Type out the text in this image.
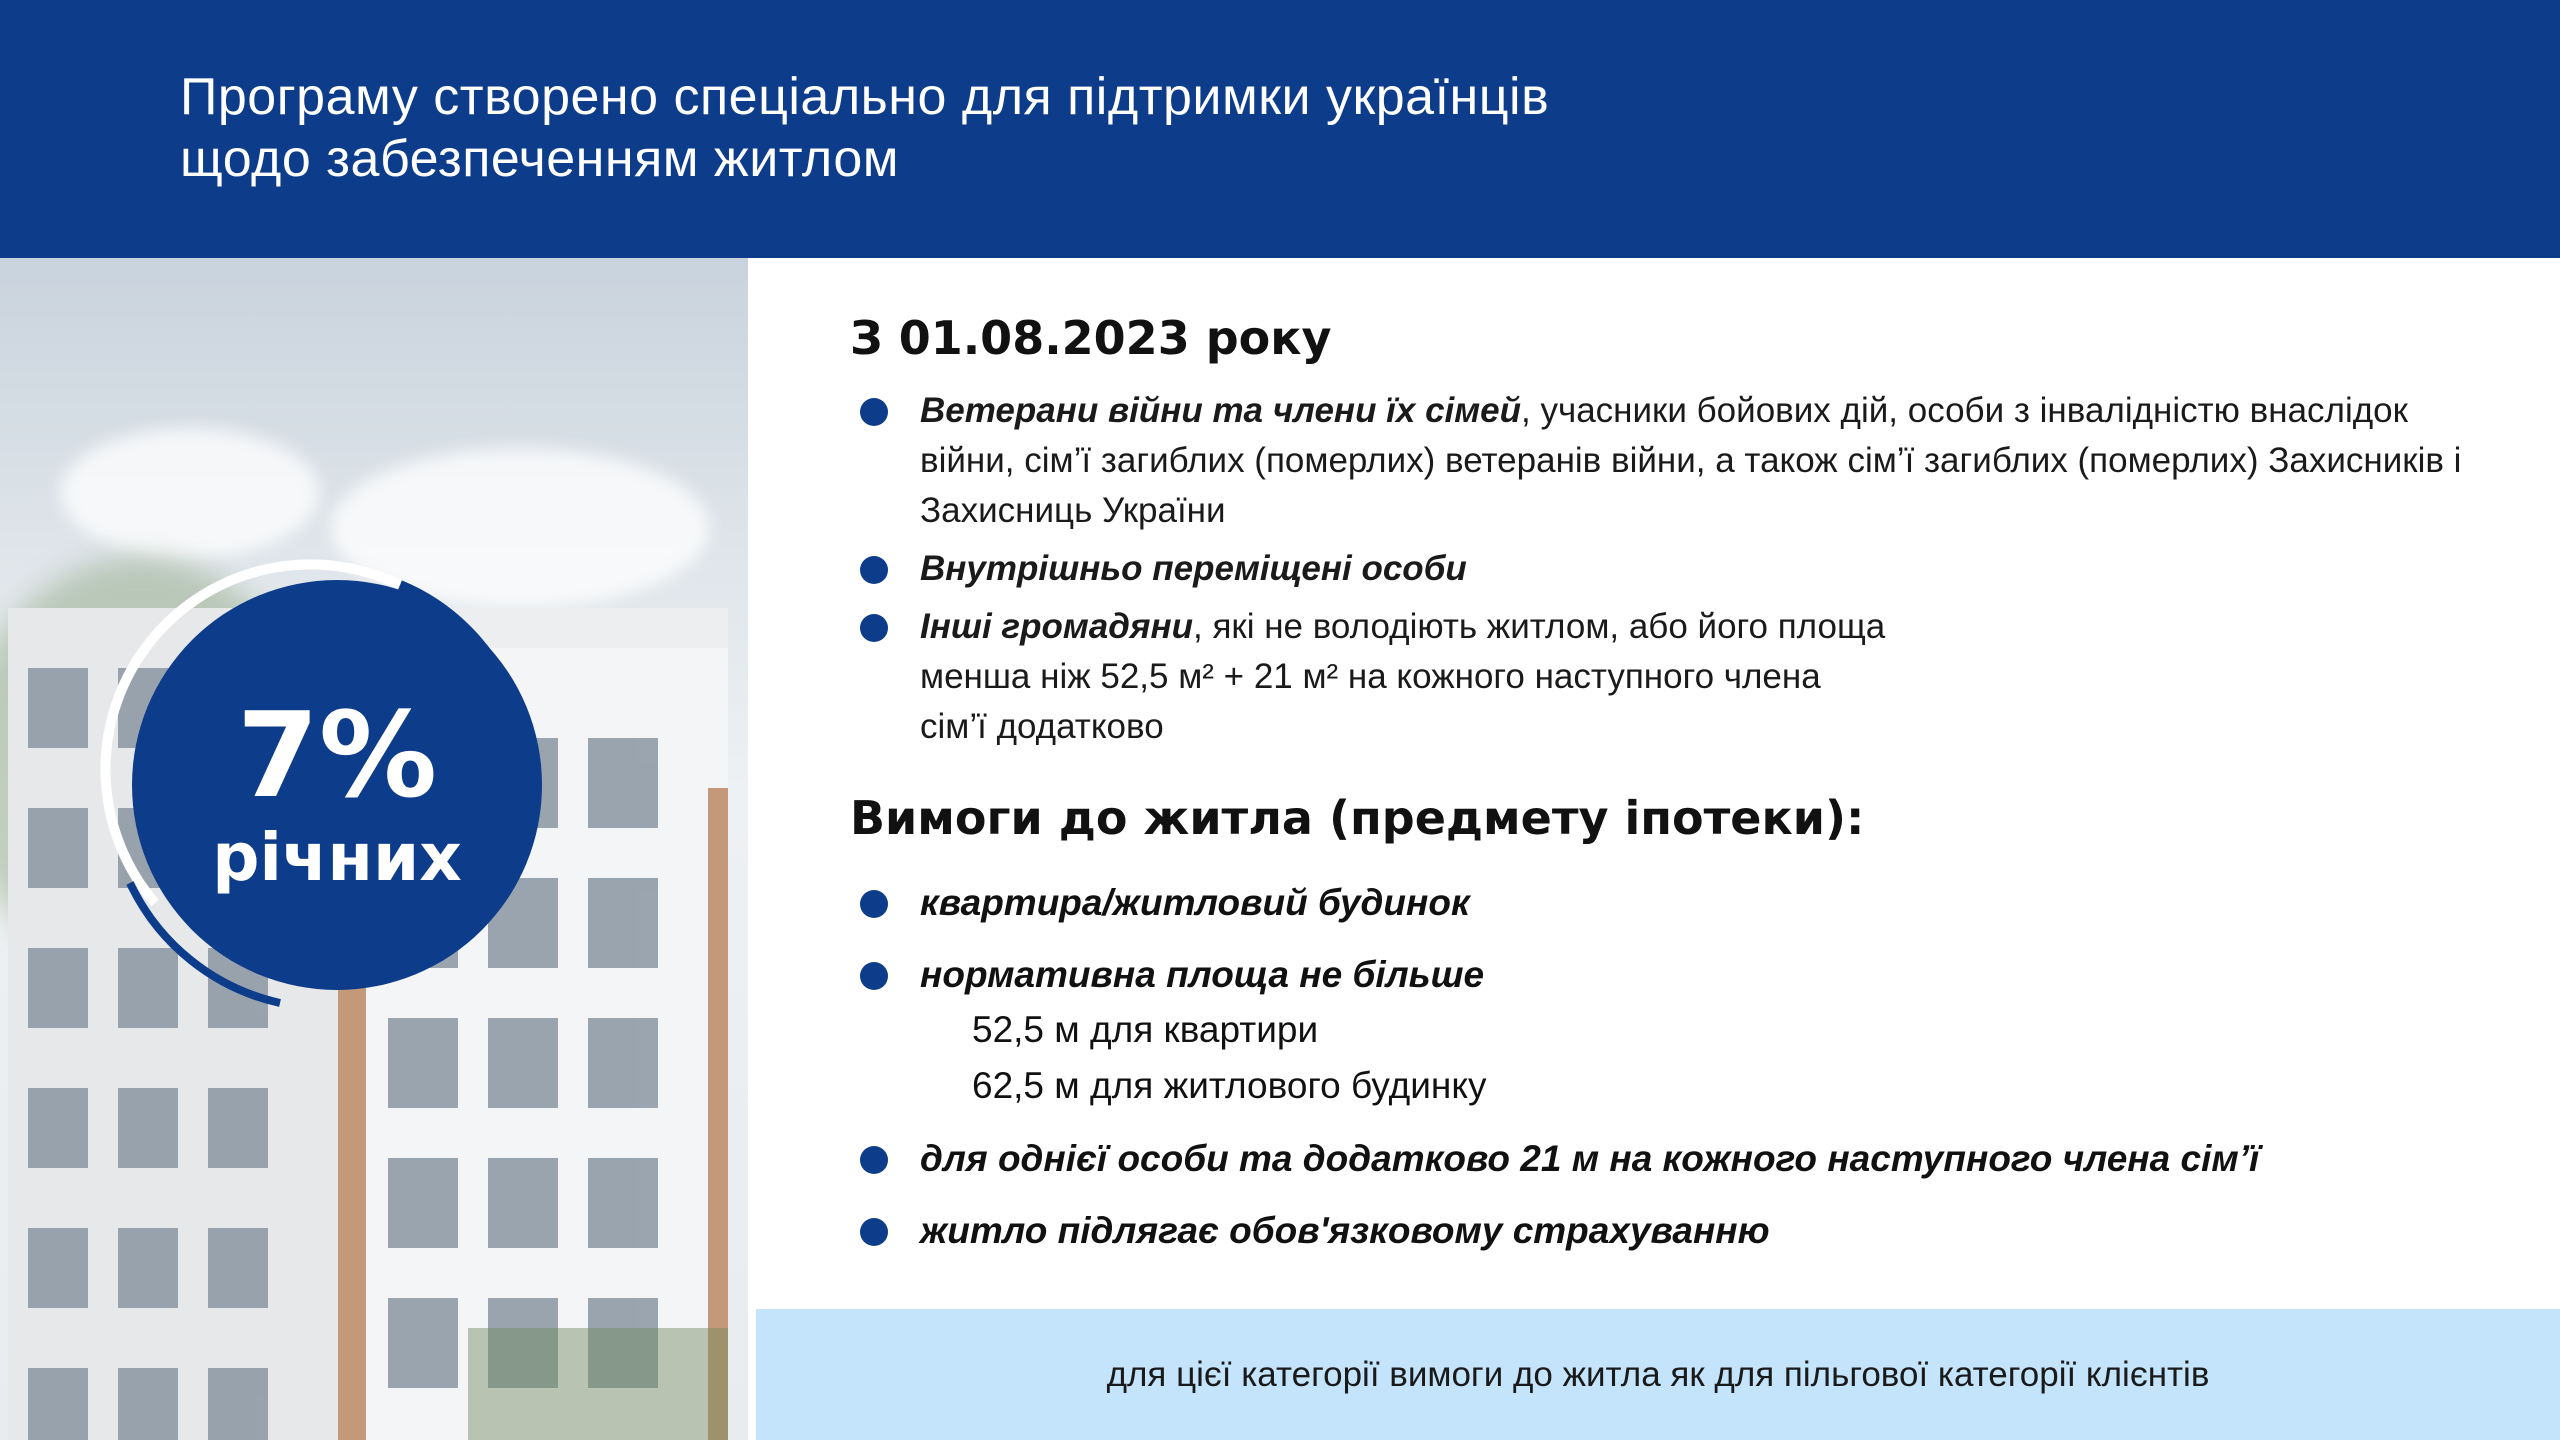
Програму створено спеціально для підтримки українців
щодо забезпеченням житлом
7%
річних
З 01.08.2023 року
Ветерани війни та члени їх сімей, учасники бойових дій, особи з інвалідністю внаслідок війни, сім’ї загиблих (померлих) ветеранів війни, а також сім’ї загиблих (померлих) Захисників і Захисниць України
Внутрішньо переміщені особи
Інші громадяни, які не володіють житлом, або його площа
менша ніж 52,5 м² + 21 м² на кожного наступного члена
сім’ї додатково
Вимоги до житла (предмету іпотеки):
квартира/житловий будинок
нормативна площа не більше
52,5 м для квартири
62,5 м для житлового будинку
для однієї особи та додатково 21 м на кожного наступного члена сім’ї
житло підлягає обов'язковому страхуванню
для цієї категорії вимоги до житла як для пільгової категорії клієнтів
